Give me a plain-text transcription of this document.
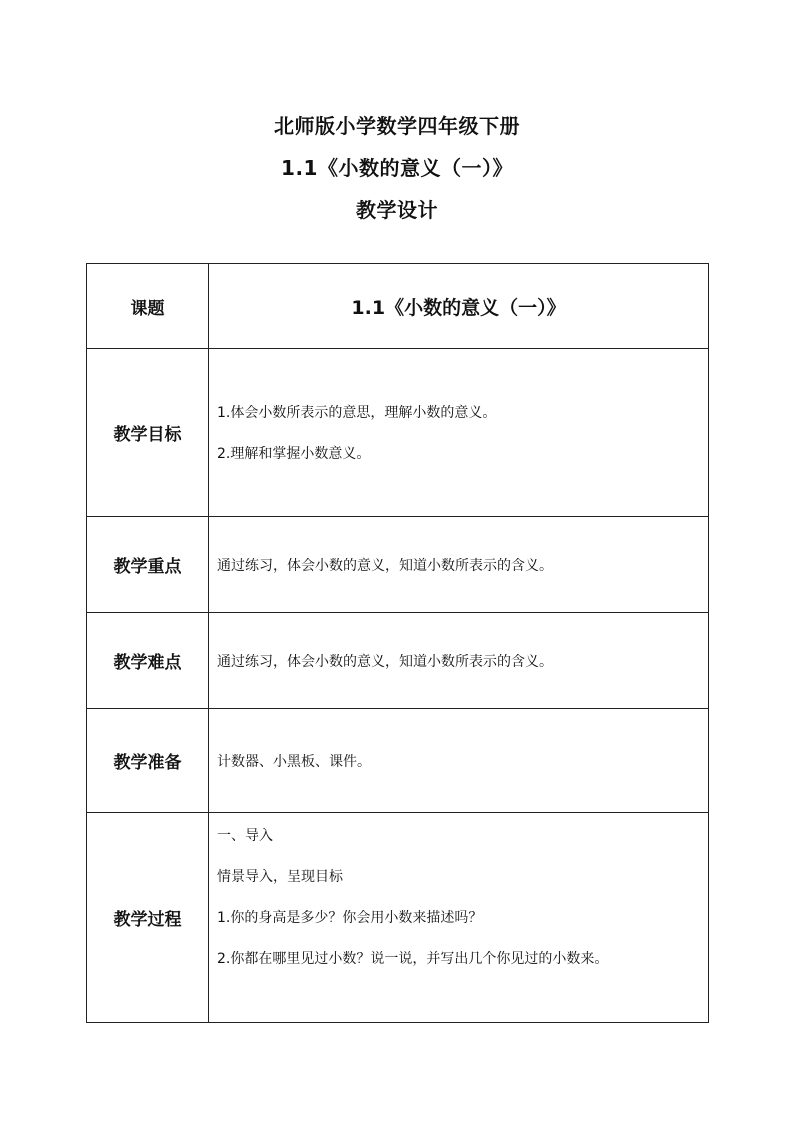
北师版小学数学四年级下册
1.1《小数的意义（一）》
教学设计
课题	1.1《小数的意义（一）》
教学目标	1.体会小数所表示的意思，理解小数的意义。

2.理解和掌握小数意义。

教学重点	通过练习，体会小数的意义，知道小数所表示的含义。
教学难点	通过练习，体会小数的意义，知道小数所表示的含义。
教学准备	计数器、小黑板、课件。
教学过程	一、导入

情景导入，呈现目标

1.你的身高是多少？你会用小数来描述吗？

2.你都在哪里见过小数？说一说，并写出几个你见过的小数来。
